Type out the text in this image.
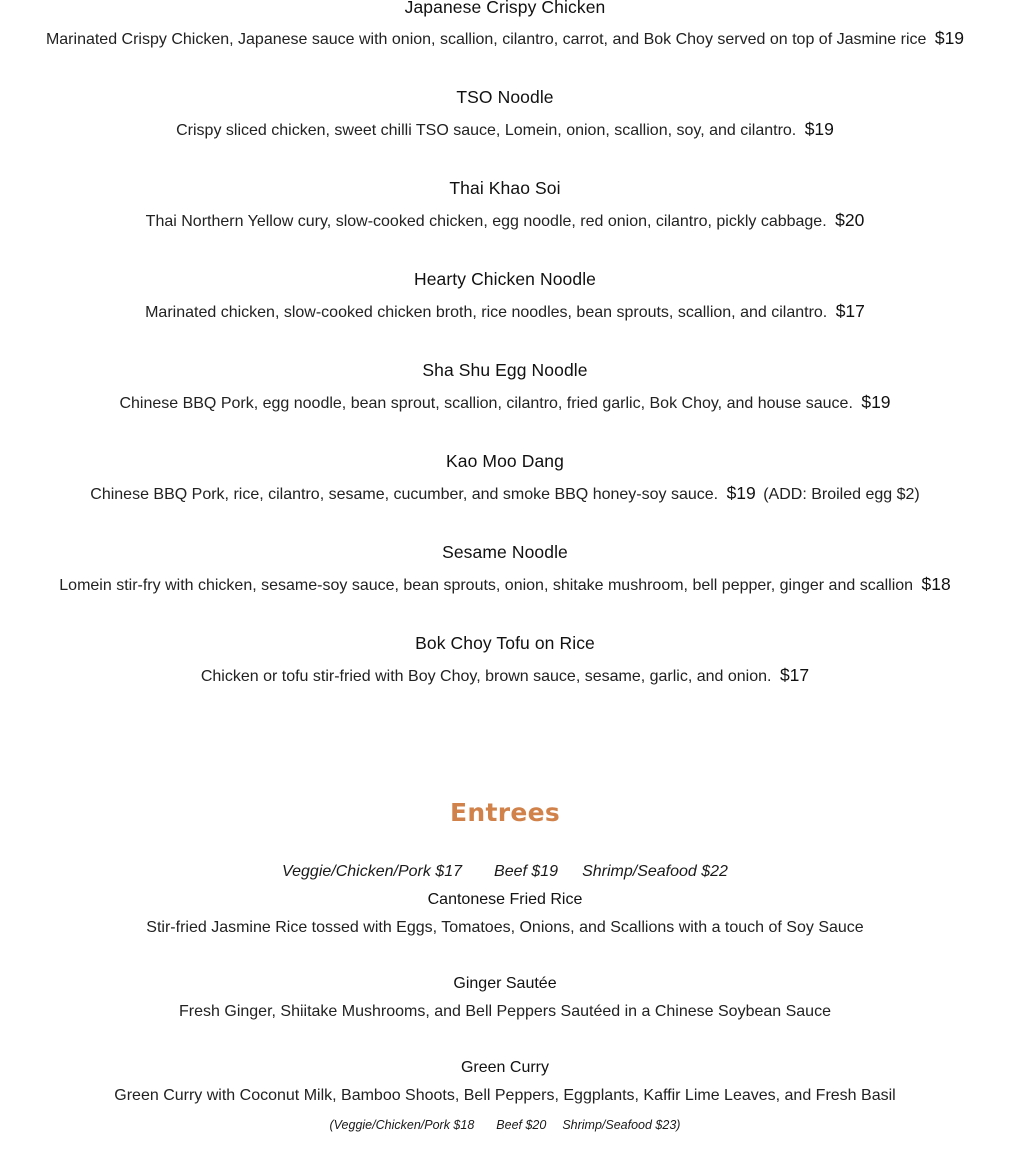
Japanese Crispy Chicken
Marinated Crispy Chicken, Japanese sauce with onion, scallion, cilantro, carrot, and Bok Choy served on top of Jasmine rice $19
TSO Noodle
Crispy sliced chicken, sweet chilli TSO sauce, Lomein, onion, scallion, soy, and cilantro. $19
Thai Khao Soi
Thai Northern Yellow cury, slow-cooked chicken, egg noodle, red onion, cilantro, pickly cabbage. $20
Hearty Chicken Noodle
Marinated chicken, slow-cooked chicken broth, rice noodles, bean sprouts, scallion, and cilantro. $17
Sha Shu Egg Noodle
Chinese BBQ Pork, egg noodle, bean sprout, scallion, cilantro, fried garlic, Bok Choy, and house sauce. $19
Kao Moo Dang
Chinese BBQ Pork, rice, cilantro, sesame, cucumber, and smoke BBQ honey-soy sauce. $19 (ADD: Broiled egg $2)
Sesame Noodle
Lomein stir-fry with chicken, sesame-soy sauce, bean sprouts, onion, shitake mushroom, bell pepper, ginger and scallion $18
Bok Choy Tofu on Rice
Chicken or tofu stir-fried with Boy Choy, brown sauce, sesame, garlic, and onion. $17
Entrees
Veggie/Chicken/Pork $17 Beef $19 Shrimp/Seafood $22
Cantonese Fried Rice
Stir-fried Jasmine Rice tossed with Eggs, Tomatoes, Onions, and Scallions with a touch of Soy Sauce
Ginger Sautée
Fresh Ginger, Shiitake Mushrooms, and Bell Peppers Sautéed in a Chinese Soybean Sauce
Green Curry
Green Curry with Coconut Milk, Bamboo Shoots, Bell Peppers, Eggplants, Kaffir Lime Leaves, and Fresh Basil
(Veggie/Chicken/Pork $18 Beef $20 Shrimp/Seafood $23)
